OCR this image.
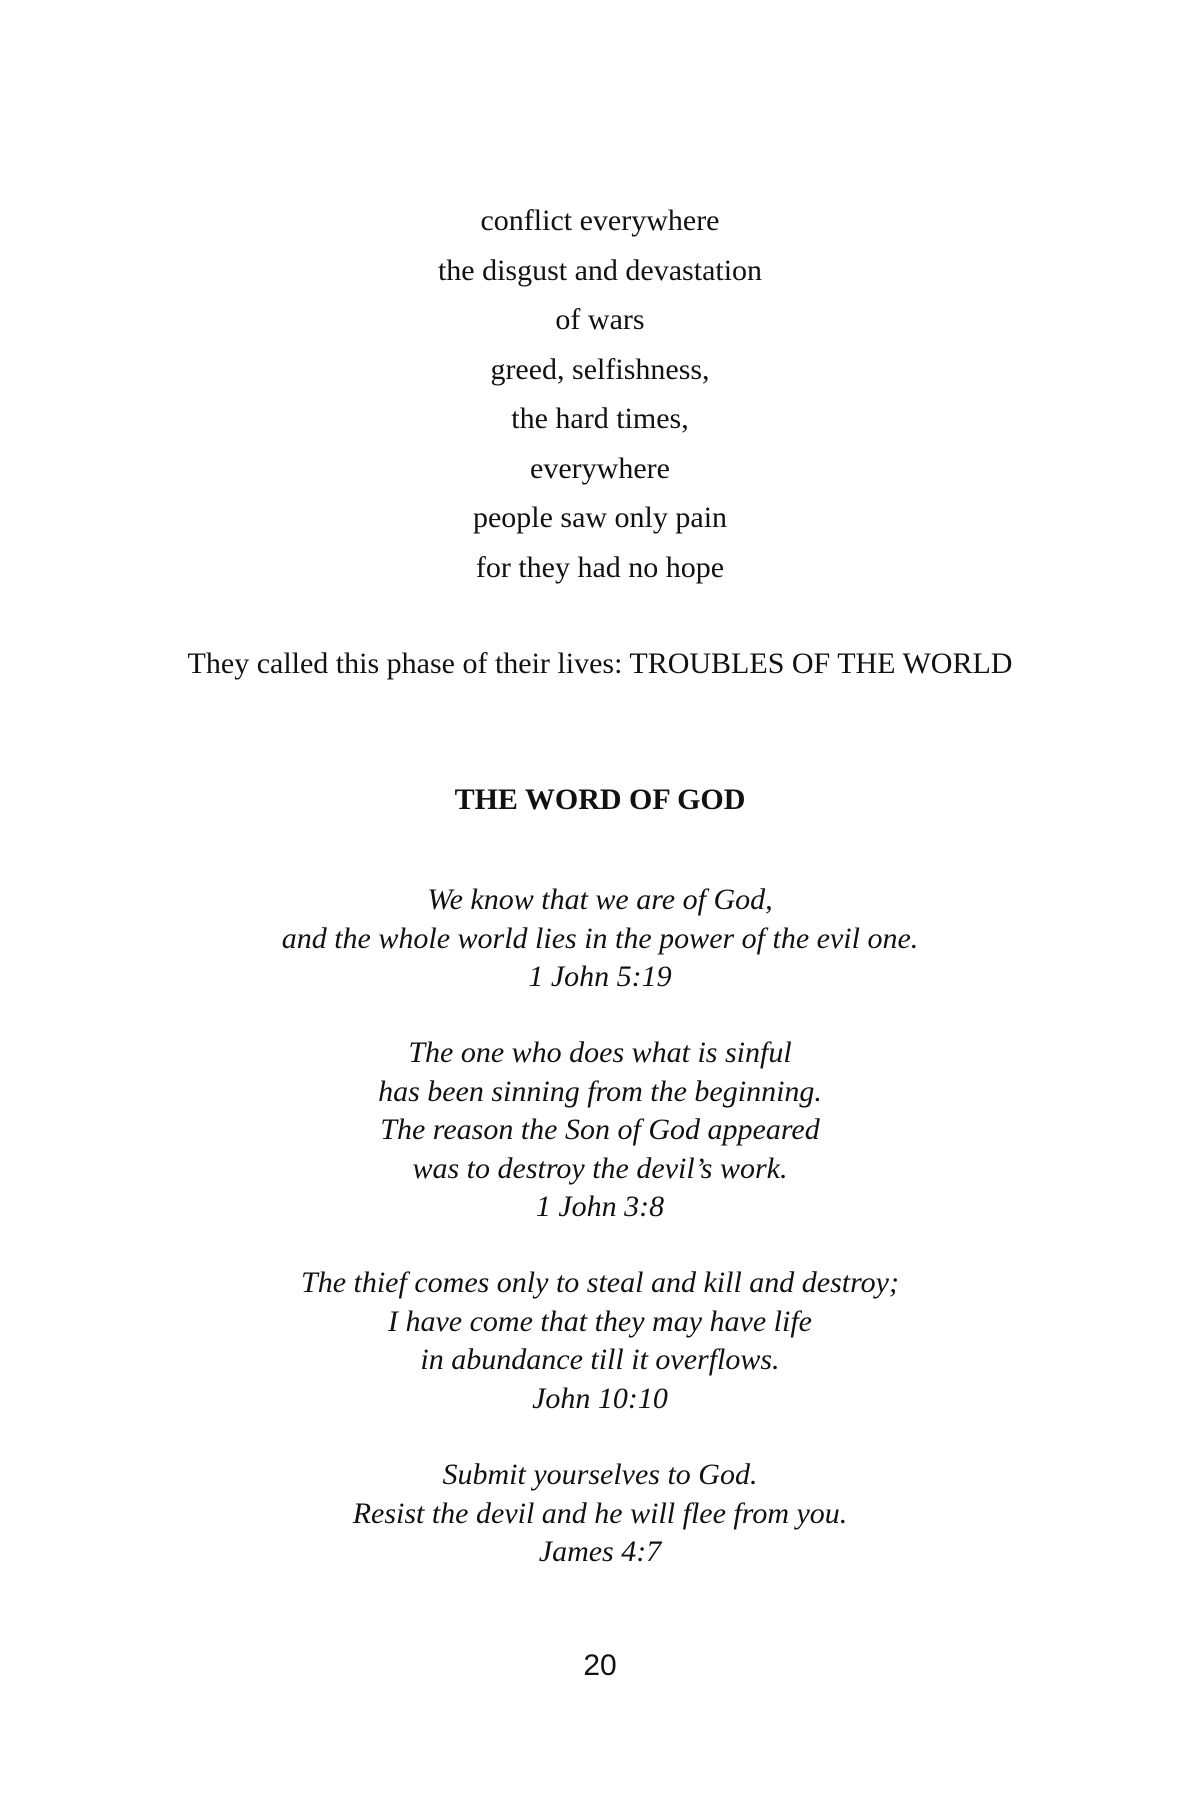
conflict everywhere
the disgust and devastation
of wars
greed, selfishness,
the hard times,
everywhere
people saw only pain
for they had no hope
They called this phase of their lives: TROUBLES OF THE WORLD
THE WORD OF GOD
We know that we are of God,
and the whole world lies in the power of the evil one.
1 John 5:19
The one who does what is sinful
has been sinning from the beginning.
The reason the Son of God appeared
was to destroy the devil’s work.
1 John 3:8
The thief comes only to steal and kill and destroy;
I have come that they may have life
in abundance till it overflows.
John 10:10
Submit yourselves to God.
Resist the devil and he will flee from you.
James 4:7
20
